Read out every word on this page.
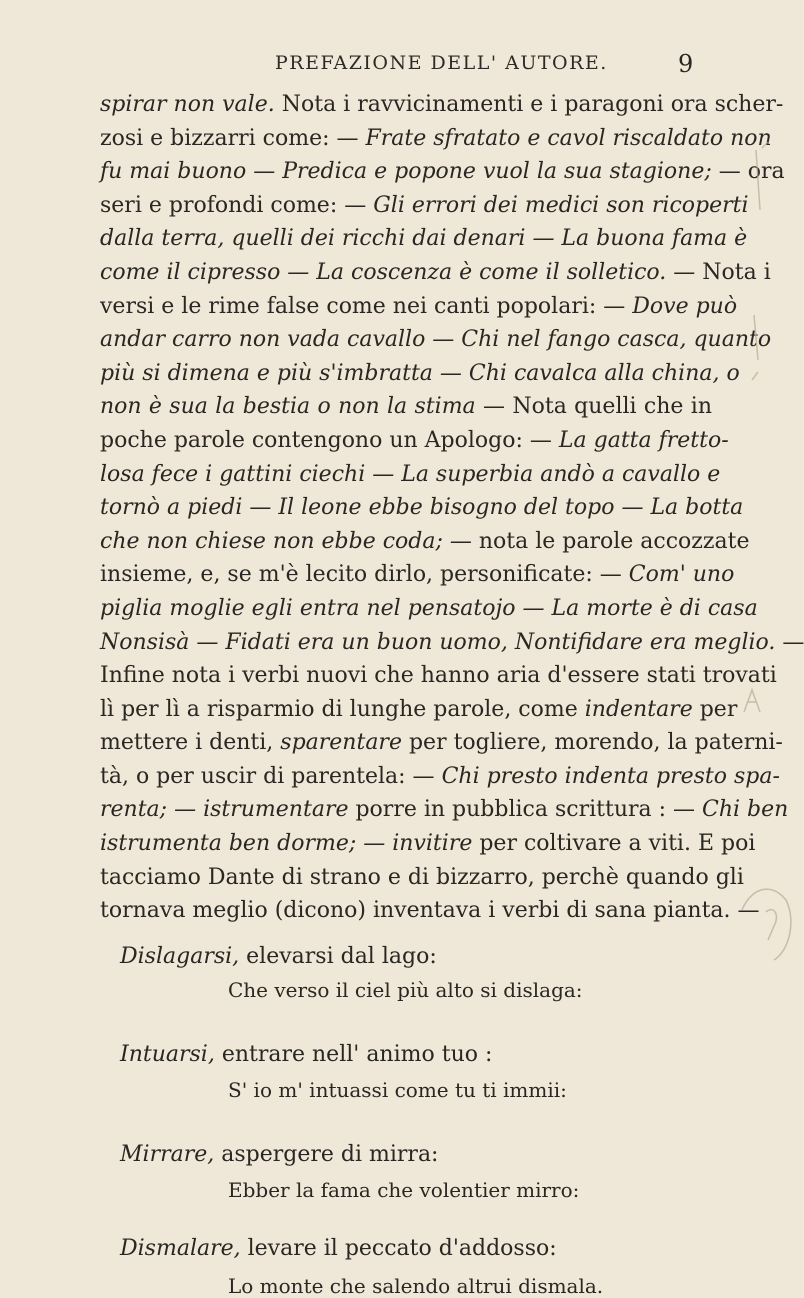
PREFAZIONE DELL' AUTORE.	9
spirar non vale. Nota i ravvicinamenti e i paragoni ora scher-
zosi e bizzarri come: — Frate sfratato e cavol riscaldato non
fu mai buono — Predica e popone vuol la sua stagione; — ora
seri e profondi come: — Gli errori dei medici son ricoperti
dalla terra, quelli dei ricchi dai denari — La buona fama è
come il cipresso — La coscenza è come il solletico. — Nota i
versi e le rime false come nei canti popolari: — Dove può
andar carro non vada cavallo — Chi nel fango casca, quanto
più si dimena e più s'imbratta — Chi cavalca alla china, o
non è sua la bestia o non la stima — Nota quelli che in
poche parole contengono un Apologo: — La gatta fretto-
losa fece i gattini ciechi — La superbia andò a cavallo e
tornò a piedi — Il leone ebbe bisogno del topo — La botta
che non chiese non ebbe coda; — nota le parole accozzate
insieme, e, se m'è lecito dirlo, personificate: — Com' uno
piglia moglie egli entra nel pensatojo — La morte è di casa
Nonsisà — Fidati era un buon uomo, Nontifidare era meglio. —
Infine nota i verbi nuovi che hanno aria d'essere stati trovati
lì per lì a risparmio di lunghe parole, come indentare per
mettere i denti, sparentare per togliere, morendo, la paterni-
tà, o per uscir di parentela: — Chi presto indenta presto spa-
renta; — istrumentare porre in pubblica scrittura : — Chi ben
istrumenta ben dorme; — invitire per coltivare a viti. E poi
tacciamo Dante di strano e di bizzarro, perchè quando gli
tornava meglio (dicono) inventava i verbi di sana pianta. —
Dislagarsi, elevarsi dal lago:
Che verso il ciel più alto si dislaga:
Intuarsi, entrare nell' animo tuo :
S' io m' intuassi come tu ti immii:
Mirrare, aspergere di mirra:
Ebber la fama che volentier mirro:
Dismalare, levare il peccato d'addosso:
Lo monte che salendo altrui dismala.
